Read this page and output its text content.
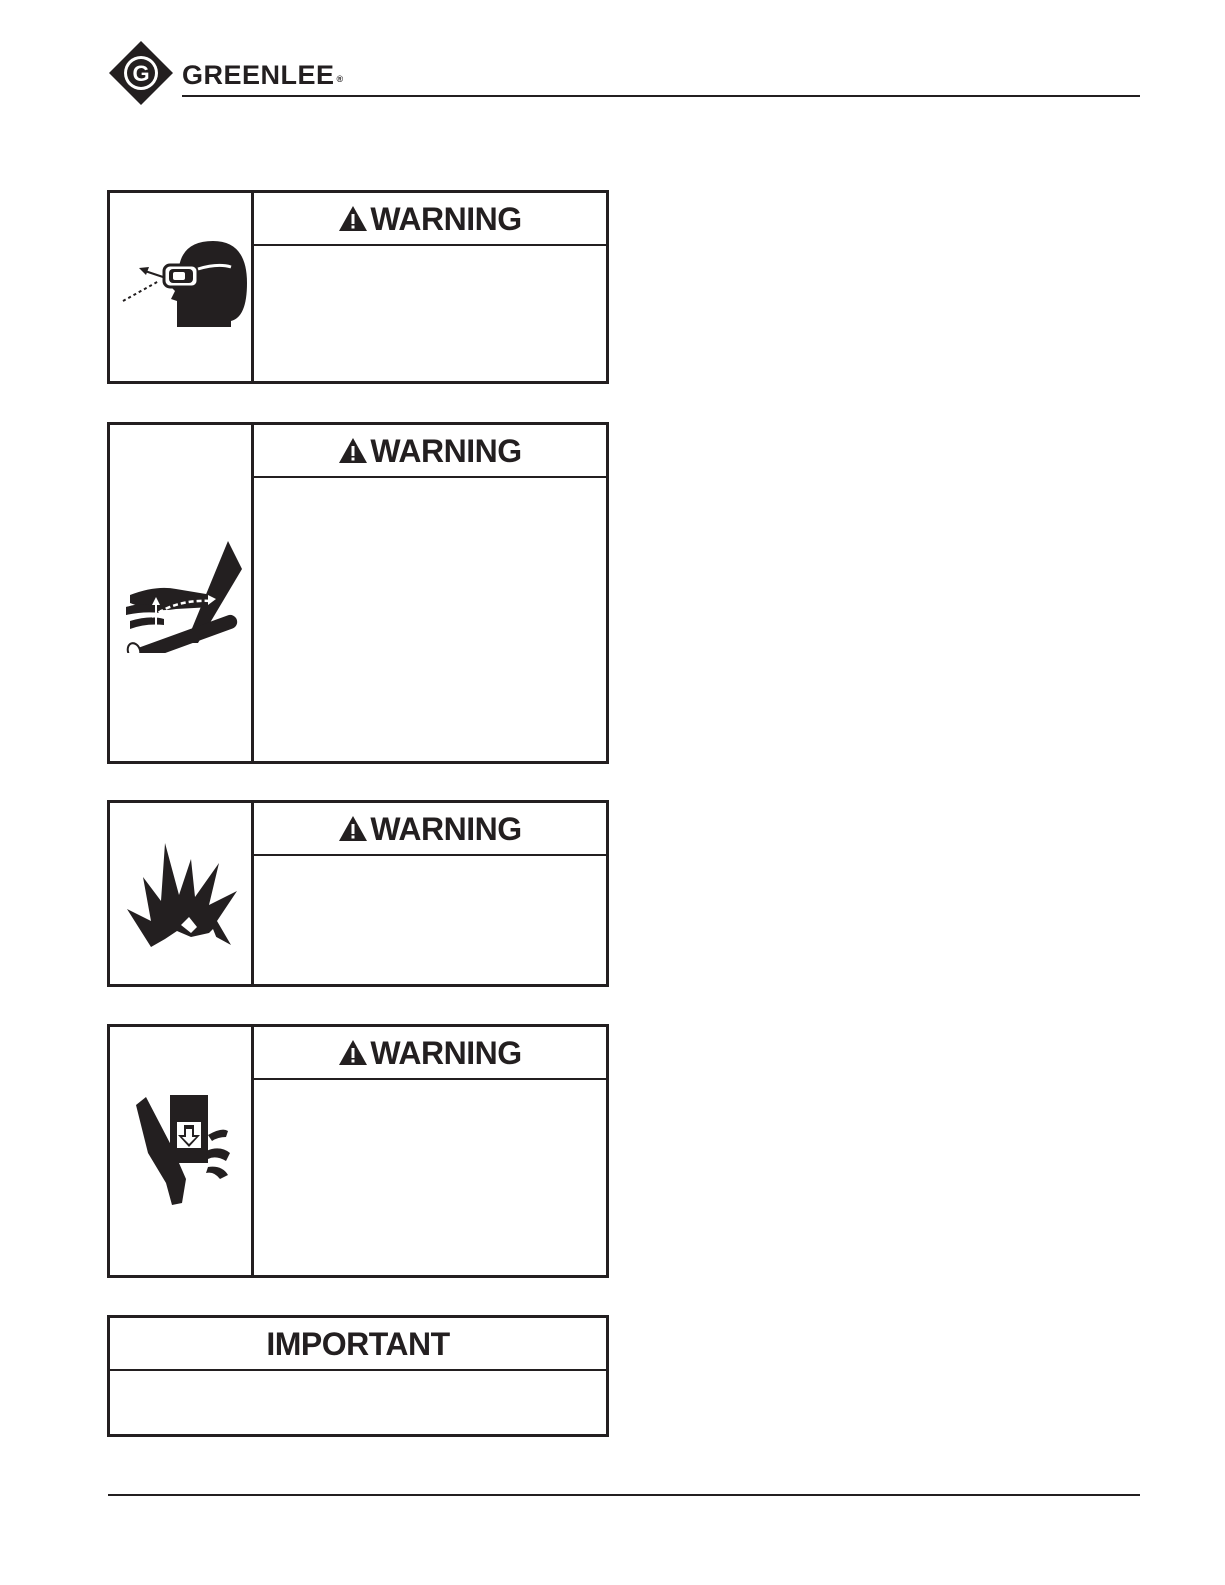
G GREENLEE ®
WARNING
WARNING
WARNING
WARNING
IMPORTANT
